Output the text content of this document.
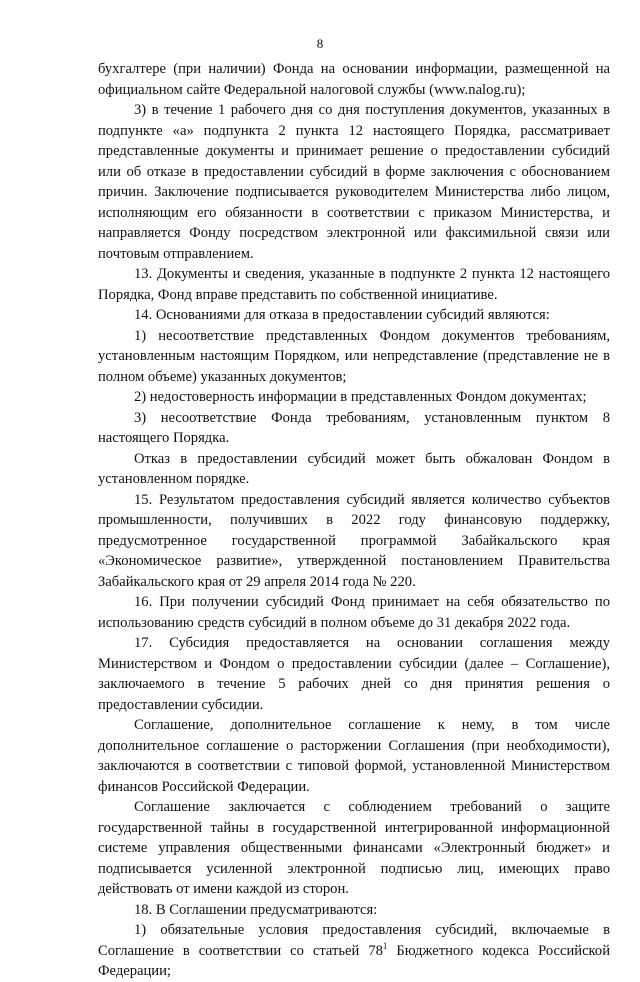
8

бухгалтере (при наличии) Фонда на основании информации, размещенной на официальном сайте Федеральной налоговой службы (www.nalog.ru);

3) в течение 1 рабочего дня со дня поступления документов, указанных в подпункте «а» подпункта 2 пункта 12 настоящего Порядка, рассматривает представленные документы и принимает решение о предоставлении субсидий или об отказе в предоставлении субсидий в форме заключения с обоснованием причин. Заключение подписывается руководителем Министерства либо лицом, исполняющим его обязанности в соответствии с приказом Министерства, и направляется Фонду посредством электронной или факсимильной связи или почтовым отправлением.

13. Документы и сведения, указанные в подпункте 2 пункта 12 настоящего Порядка, Фонд вправе представить по собственной инициативе.

14. Основаниями для отказа в предоставлении субсидий являются:

1) несоответствие представленных Фондом документов требованиям, установленным настоящим Порядком, или непредставление (представление не в полном объеме) указанных документов;

2) недостоверность информации в представленных Фондом документах;

3) несоответствие Фонда требованиям, установленным пунктом 8 настоящего Порядка.

Отказ в предоставлении субсидий может быть обжалован Фондом в установленном порядке.

15. Результатом предоставления субсидий является количество субъектов промышленности, получивших в 2022 году финансовую поддержку, предусмотренное государственной программой Забайкальского края «Экономическое развитие», утвержденной постановлением Правительства Забайкальского края от 29 апреля 2014 года № 220.

16. При получении субсидий Фонд принимает на себя обязательство по использованию средств субсидий в полном объеме до 31 декабря 2022 года.

17. Субсидия предоставляется на основании соглашения между Министерством и Фондом о предоставлении субсидии (далее – Соглашение), заключаемого в течение 5 рабочих дней со дня принятия решения о предоставлении субсидии.

Соглашение, дополнительное соглашение к нему, в том числе дополнительное соглашение о расторжении Соглашения (при необходимости), заключаются в соответствии с типовой формой, установленной Министерством финансов Российской Федерации.

Соглашение заключается с соблюдением требований о защите государственной тайны в государственной интегрированной информационной системе управления общественными финансами «Электронный бюджет» и подписывается усиленной электронной подписью лиц, имеющих право действовать от имени каждой из сторон.

18. В Соглашении предусматриваются:

1) обязательные условия предоставления субсидий, включаемые в Соглашение в соответствии со статьей $78^1$ Бюджетного кодекса Российской Федерации;
